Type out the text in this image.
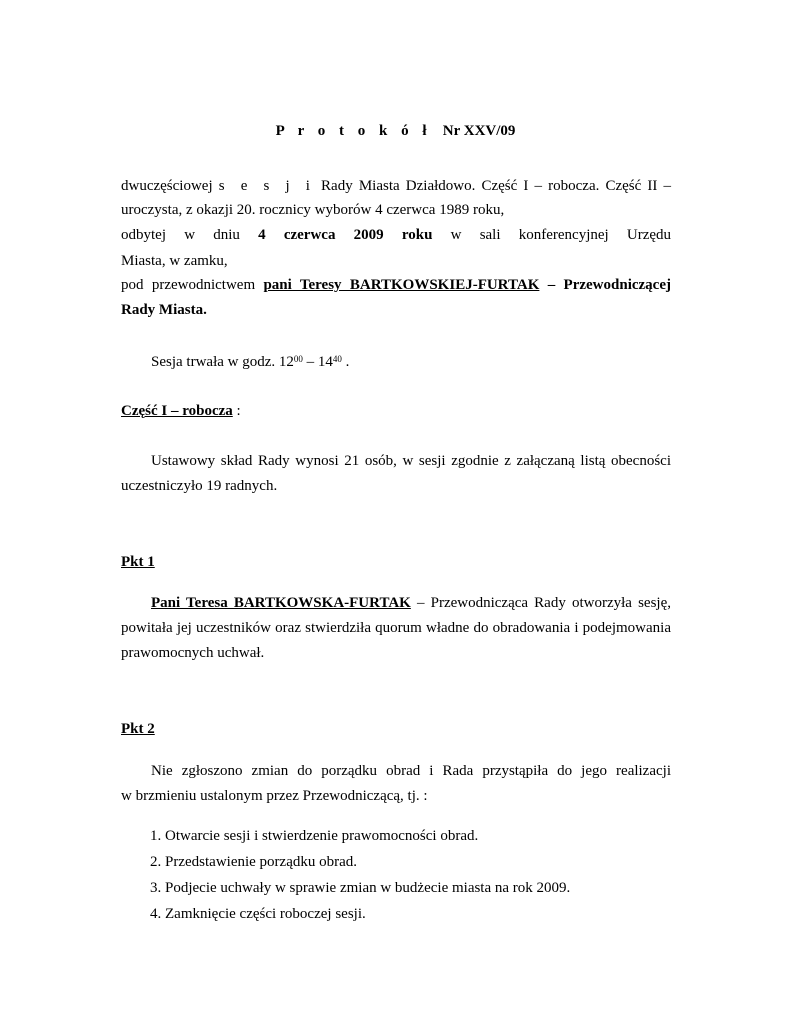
P r o t o k ó ł Nr XXV/09
dwuczęściowej s e s j i Rady Miasta Działdowo. Część I – robocza. Część II –
uroczysta, z okazji 20. rocznicy wyborów 4 czerwca 1989 roku,
odbytej w dniu 4 czerwca 2009 roku w sali konferencyjnej Urzędu
Miasta, w zamku,
pod przewodnictwem pani Teresy BARTKOWSKIEJ-FURTAK – Przewodniczącej
Rady Miasta.
Sesja trwała w godz. $12^{00} - 14^{40}$ .
Część I – robocza :
Ustawowy skład Rady wynosi 21 osób, w sesji zgodnie z załączaną listą obecności
uczestniczyło 19 radnych.
Pkt 1
Pani Teresa BARTKOWSKA-FURTAK – Przewodnicząca Rady otworzyła sesję,
powitała jej uczestników oraz stwierdziła quorum władne do obradowania i podejmowania
prawomocnych uchwał.
Pkt 2
Nie zgłoszono zmian do porządku obrad i Rada przystąpiła do jego realizacji
w brzmieniu ustalonym przez Przewodniczącą, tj. :
1. Otwarcie sesji i stwierdzenie prawomocności obrad.
2. Przedstawienie porządku obrad.
3. Podjecie uchwały w sprawie zmian w budżecie miasta na rok 2009.
4. Zamknięcie części roboczej sesji.
